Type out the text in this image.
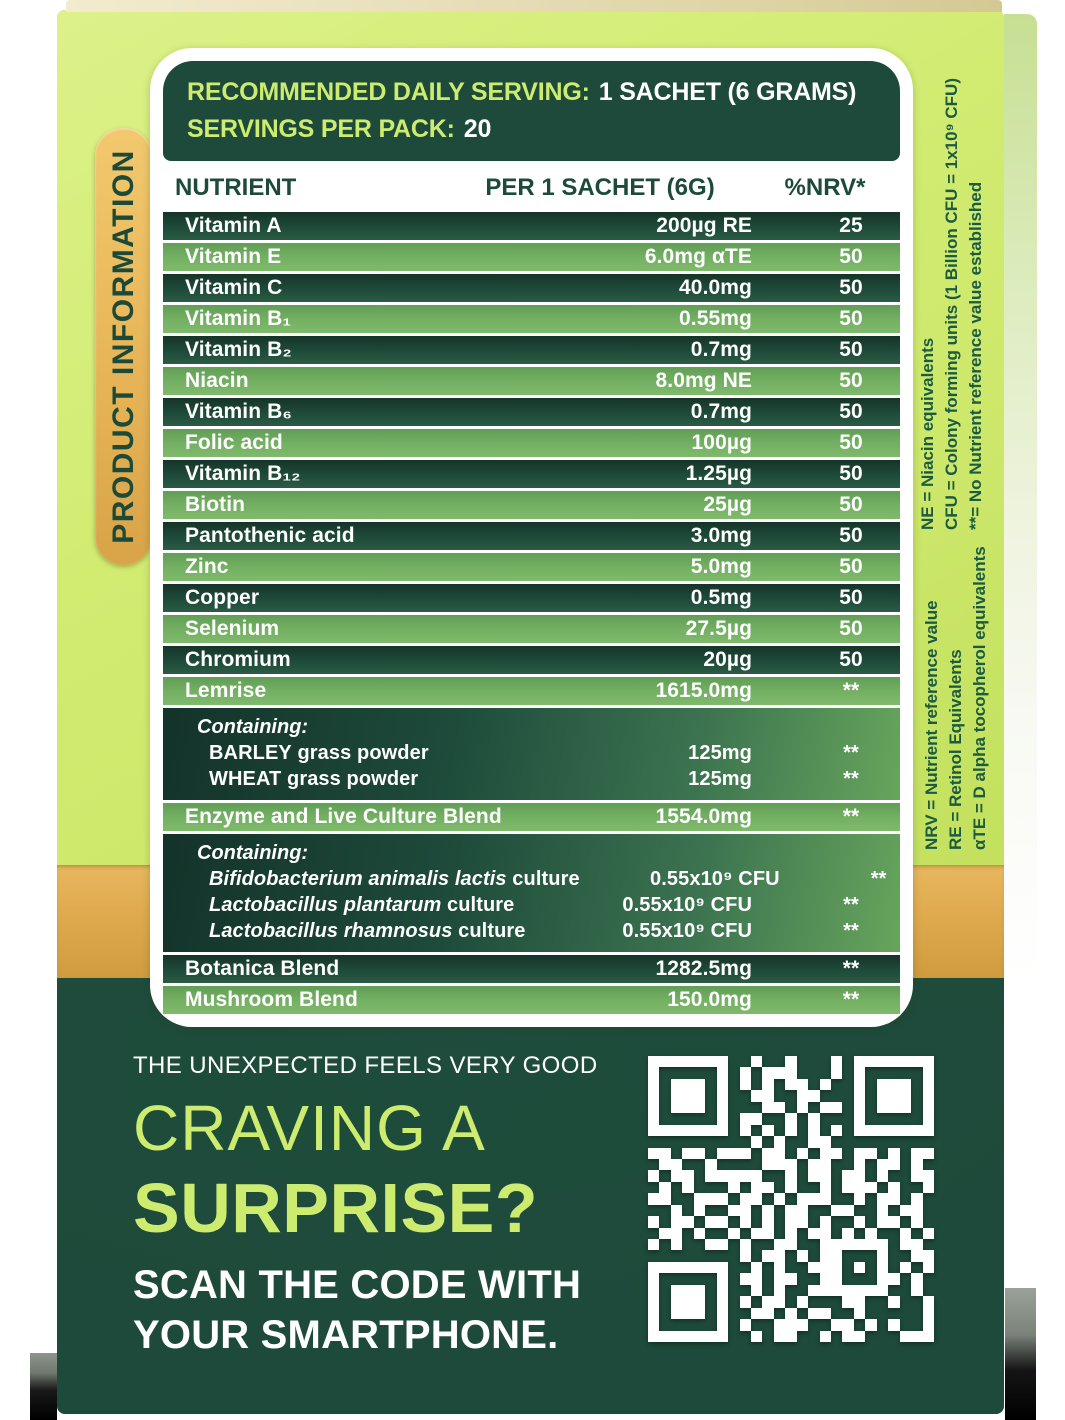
PRODUCT INFORMATION
RECOMMENDED DAILY SERVING: 1 SACHET (6 GRAMS)
SERVINGS PER PACK: 20
NUTRIENT	PER 1 SACHET (6G)	%NRV*
Vitamin A	200µg RE	25
Vitamin E	6.0mg αTE	50
Vitamin C	40.0mg	50
Vitamin B₁	0.55mg	50
Vitamin B₂	0.7mg	50
Niacin	8.0mg NE	50
Vitamin B₆	0.7mg	50
Folic acid	100µg	50
Vitamin B₁₂	1.25µg	50
Biotin	25µg	50
Pantothenic acid	3.0mg	50
Zinc	5.0mg	50
Copper	0.5mg	50
Selenium	27.5µg	50
Chromium	20µg	50
Lemrise	1615.0mg	**
Containing:
BARLEY grass powder	125mg	**
WHEAT grass powder	125mg	**
Enzyme and Live Culture Blend	1554.0mg	**
Containing:
Bifidobacterium animalis lactis culture	0.55x10⁹ CFU	**
Lactobacillus plantarum culture	0.55x10⁹ CFU	**
Lactobacillus rhamnosus culture	0.55x10⁹ CFU	**
Botanica Blend	1282.5mg	**
Mushroom Blend	150.0mg	**
NE = Niacin equivalents CFU = Colony forming units (1 Billion CFU = 1x10⁹ CFU) **= No Nutrient reference value established
NRV = Nutrient reference value RE = Retinol Equivalents αTE = D alpha tocopherol equivalents
THE UNEXPECTED FEELS VERY GOOD
CRAVING A
SURPRISE?
SCAN THE CODE WITH
YOUR SMARTPHONE.
